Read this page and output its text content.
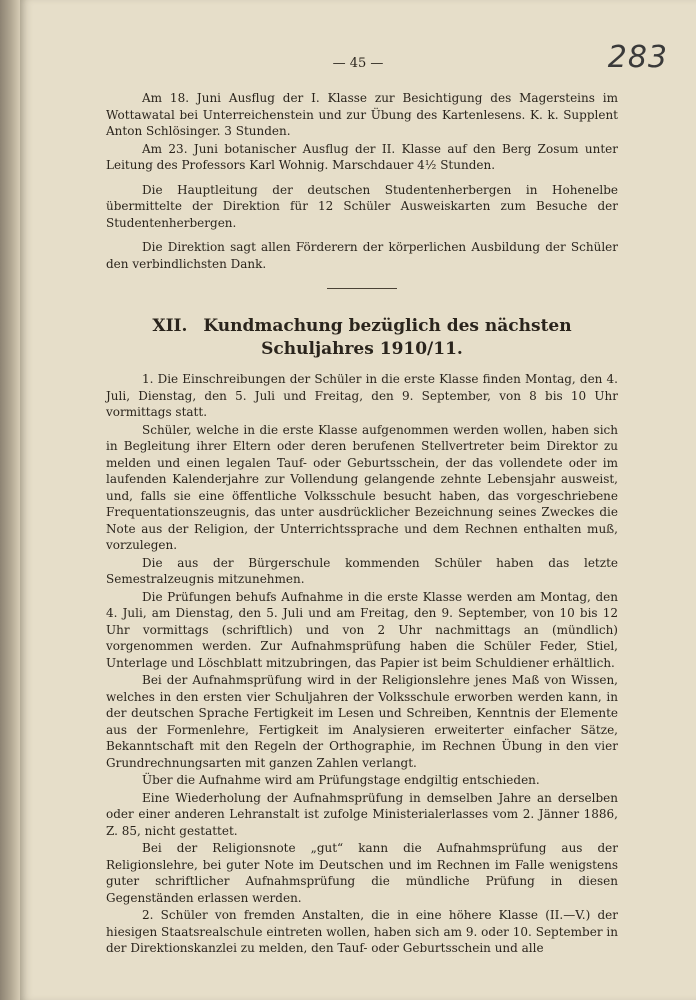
283
— 45 —

Am 18. Juni Ausflug der I. Klasse zur Besichtigung des Magersteins im Wottawatal bei Unterreichenstein und zur Übung des Kartenlesens. K. k. Supplent Anton Schlösinger. 3 Stunden.

Am 23. Juni botanischer Ausflug der II. Klasse auf den Berg Zosum unter Leitung des Professors Karl Wohnig. Marschdauer 4½ Stunden.

Die Hauptleitung der deutschen Studentenherbergen in Hohenelbe übermittelte der Direktion für 12 Schüler Ausweiskarten zum Besuche der Studentenherbergen.

Die Direktion sagt allen Förderern der körperlichen Ausbildung der Schüler den verbindlichsten Dank.

XII. Kundmachung bezüglich des nächsten Schuljahres 1910/11.

1. Die Einschreibungen der Schüler in die erste Klasse finden Montag, den 4. Juli, Dienstag, den 5. Juli und Freitag, den 9. September, von 8 bis 10 Uhr vormittags statt.

Schüler, welche in die erste Klasse aufgenommen werden wollen, haben sich in Begleitung ihrer Eltern oder deren berufenen Stellvertreter beim Direktor zu melden und einen legalen Tauf- oder Geburtsschein, der das vollendete oder im laufenden Kalenderjahre zur Vollendung gelangende zehnte Lebensjahr ausweist, und, falls sie eine öffentliche Volksschule besucht haben, das vorgeschriebene Frequentationszeugnis, das unter ausdrücklicher Bezeichnung seines Zweckes die Note aus der Religion, der Unterrichtssprache und dem Rechnen enthalten muß, vorzulegen.

Die aus der Bürgerschule kommenden Schüler haben das letzte Semestralzeugnis mitzunehmen.

Die Prüfungen behufs Aufnahme in die erste Klasse werden am Montag, den 4. Juli, am Dienstag, den 5. Juli und am Freitag, den 9. September, von 10 bis 12 Uhr vormittags (schriftlich) und von 2 Uhr nachmittags an (mündlich) vorgenommen werden. Zur Aufnahmsprüfung haben die Schüler Feder, Stiel, Unterlage und Löschblatt mitzubringen, das Papier ist beim Schuldiener erhältlich.

Bei der Aufnahmsprüfung wird in der Religionslehre jenes Maß von Wissen, welches in den ersten vier Schuljahren der Volksschule erworben werden kann, in der deutschen Sprache Fertigkeit im Lesen und Schreiben, Kenntnis der Elemente aus der Formenlehre, Fertigkeit im Analysieren erweiterter einfacher Sätze, Bekanntschaft mit den Regeln der Orthographie, im Rechnen Übung in den vier Grundrechnungsarten mit ganzen Zahlen verlangt.

Über die Aufnahme wird am Prüfungstage endgiltig entschieden.

Eine Wiederholung der Aufnahmsprüfung in demselben Jahre an derselben oder einer anderen Lehranstalt ist zufolge Ministerialerlasses vom 2. Jänner 1886, Z. 85, nicht gestattet.

Bei der Religionsnote „gut“ kann die Aufnahmsprüfung aus der Religionslehre, bei guter Note im Deutschen und im Rechnen im Falle wenigstens guter schriftlicher Aufnahmsprüfung die mündliche Prüfung in diesen Gegenständen erlassen werden.

2. Schüler von fremden Anstalten, die in eine höhere Klasse (II.—V.) der hiesigen Staatsrealschule eintreten wollen, haben sich am 9. oder 10. September in der Direktionskanzlei zu melden, den Tauf- oder Geburtsschein und alle
